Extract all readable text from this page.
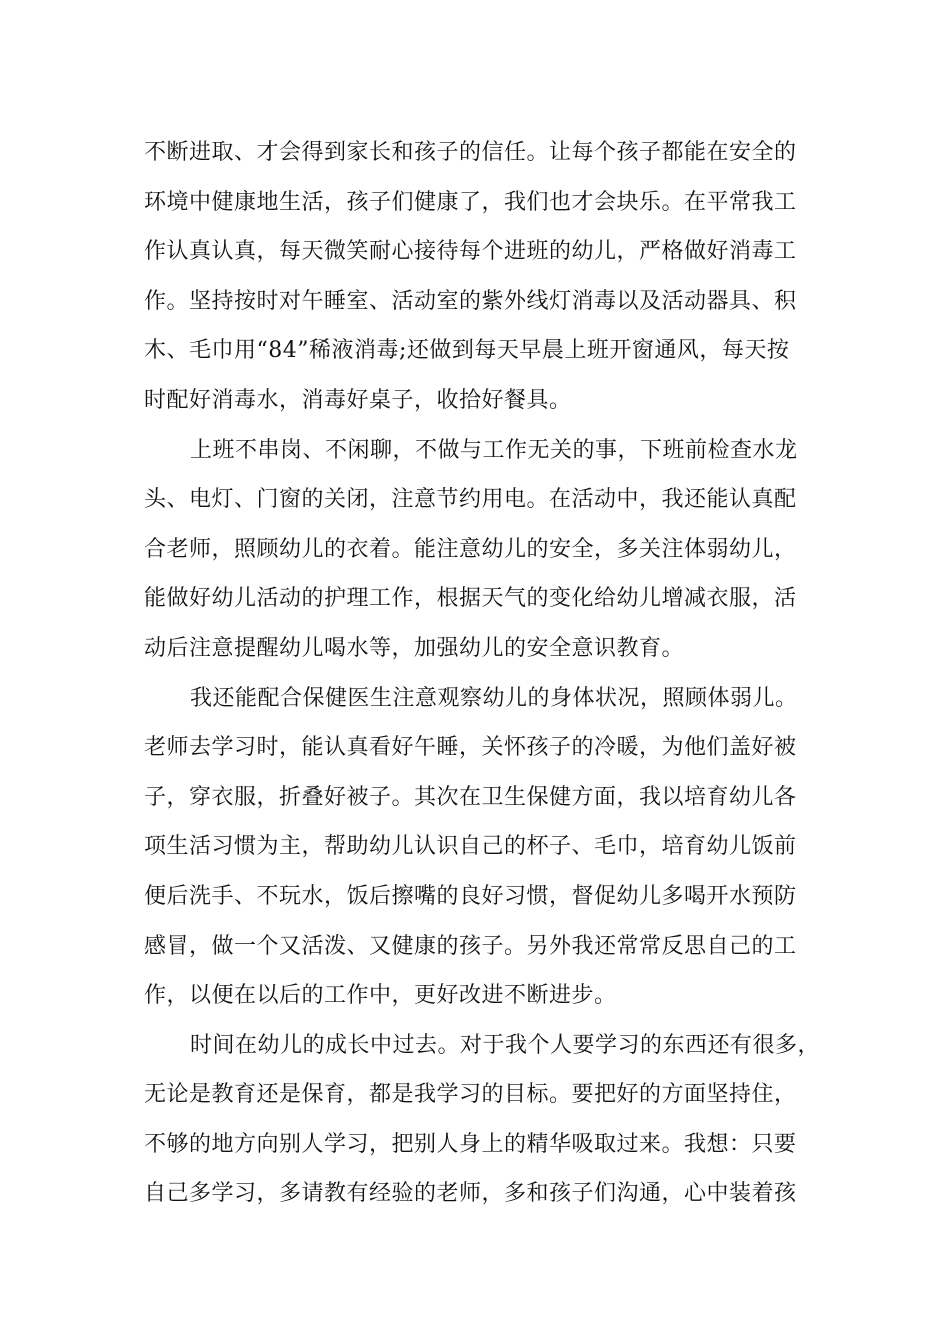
不断进取、才会得到家长和孩子的信任。让每个孩子都能在安全的
环境中健康地生活，孩子们健康了，我们也才会块乐。在平常我工
作认真认真，每天微笑耐心接待每个进班的幼儿，严格做好消毒工
作。坚持按时对午睡室、活动室的紫外线灯消毒以及活动器具、积
木、毛巾用“84”稀液消毒;还做到每天早晨上班开窗通风，每天按
时配好消毒水，消毒好桌子，收拾好餐具。
上班不串岗、不闲聊，不做与工作无关的事，下班前检查水龙
头、电灯、门窗的关闭，注意节约用电。在活动中，我还能认真配
合老师，照顾幼儿的衣着。能注意幼儿的安全，多关注体弱幼儿，
能做好幼儿活动的护理工作，根据天气的变化给幼儿增减衣服，活
动后注意提醒幼儿喝水等，加强幼儿的安全意识教育。
我还能配合保健医生注意观察幼儿的身体状况，照顾体弱儿。
老师去学习时，能认真看好午睡，关怀孩子的冷暖，为他们盖好被
子，穿衣服，折叠好被子。其次在卫生保健方面，我以培育幼儿各
项生活习惯为主，帮助幼儿认识自己的杯子、毛巾，培育幼儿饭前
便后洗手、不玩水，饭后擦嘴的良好习惯，督促幼儿多喝开水预防
感冒，做一个又活泼、又健康的孩子。另外我还常常反思自己的工
作，以便在以后的工作中，更好改进不断进步。
时间在幼儿的成长中过去。对于我个人要学习的东西还有很多，
无论是教育还是保育，都是我学习的目标。要把好的方面坚持住，
不够的地方向别人学习，把别人身上的精华吸取过来。我想：只要
自己多学习，多请教有经验的老师，多和孩子们沟通，心中装着孩
